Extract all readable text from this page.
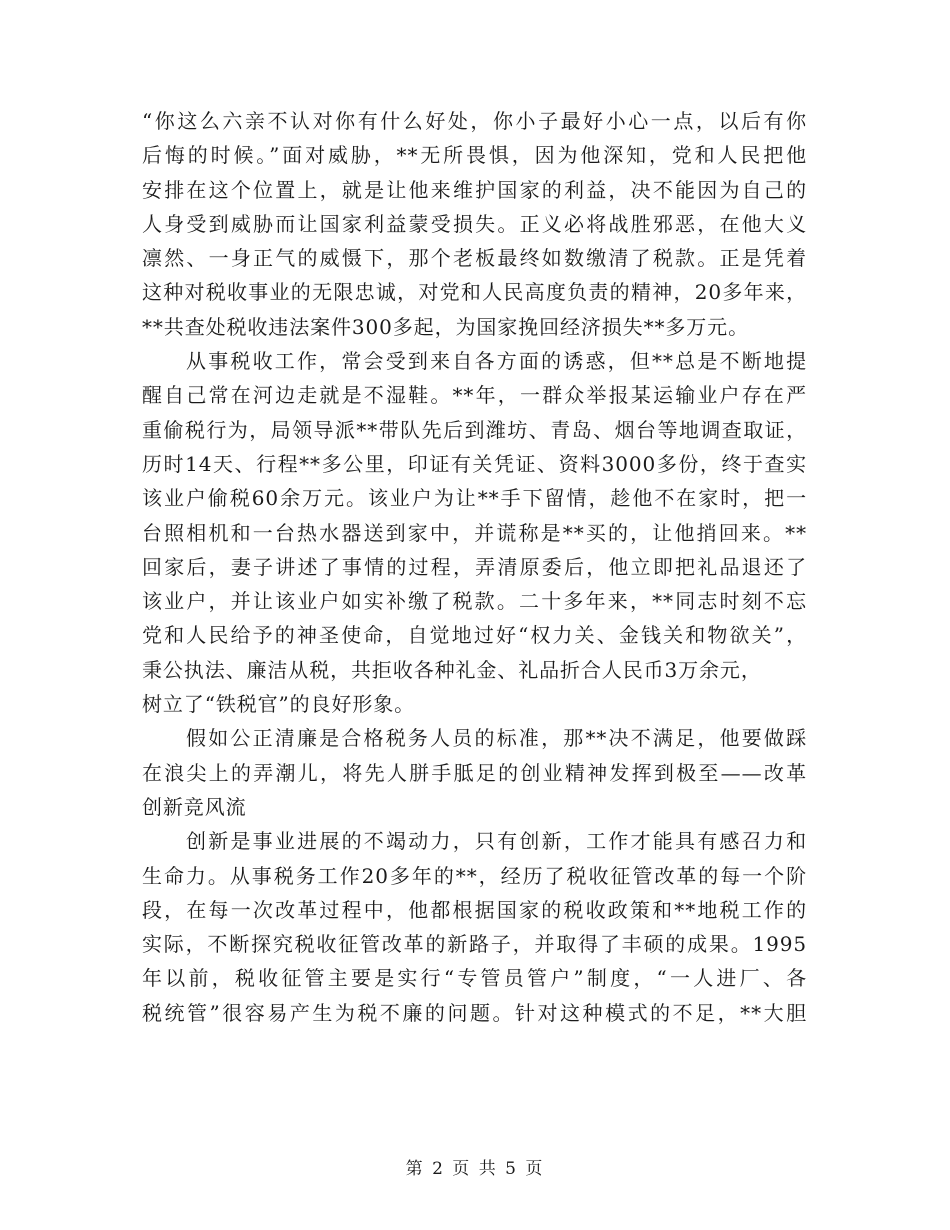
“你这么六亲不认对你有什么好处，你小子最好小心一点，以后有你
后悔的时候。”面对威胁，**无所畏惧，因为他深知，党和人民把他
安排在这个位置上，就是让他来维护国家的利益，决不能因为自己的
人身受到威胁而让国家利益蒙受损失。正义必将战胜邪恶，在他大义
凛然、一身正气的威慑下，那个老板最终如数缴清了税款。正是凭着
这种对税收事业的无限忠诚，对党和人民高度负责的精神，20多年来，
**共查处税收违法案件300多起，为国家挽回经济损失**多万元。
从事税收工作，常会受到来自各方面的诱惑，但**总是不断地提
醒自己常在河边走就是不湿鞋。**年，一群众举报某运输业户存在严
重偷税行为，局领导派**带队先后到潍坊、青岛、烟台等地调查取证，
历时14天、行程**多公里，印证有关凭证、资料3000多份，终于查实
该业户偷税60余万元。该业户为让**手下留情，趁他不在家时，把一
台照相机和一台热水器送到家中，并谎称是**买的，让他捎回来。**
回家后，妻子讲述了事情的过程，弄清原委后，他立即把礼品退还了
该业户，并让该业户如实补缴了税款。二十多年来，**同志时刻不忘
党和人民给予的神圣使命，自觉地过好“权力关、金钱关和物欲关”，
秉公执法、廉洁从税，共拒收各种礼金、礼品折合人民币3万余元，
树立了“铁税官”的良好形象。
假如公正清廉是合格税务人员的标准，那**决不满足，他要做踩
在浪尖上的弄潮儿，将先人胼手胝足的创业精神发挥到极至——改革
创新竞风流
创新是事业进展的不竭动力，只有创新，工作才能具有感召力和
生命力。从事税务工作20多年的**，经历了税收征管改革的每一个阶
段，在每一次改革过程中，他都根据国家的税收政策和**地税工作的
实际，不断探究税收征管改革的新路子，并取得了丰硕的成果。1995
年以前，税收征管主要是实行“专管员管户”制度，“一人进厂、各
税统管”很容易产生为税不廉的问题。针对这种模式的不足，**大胆
第 2 页 共 5 页
